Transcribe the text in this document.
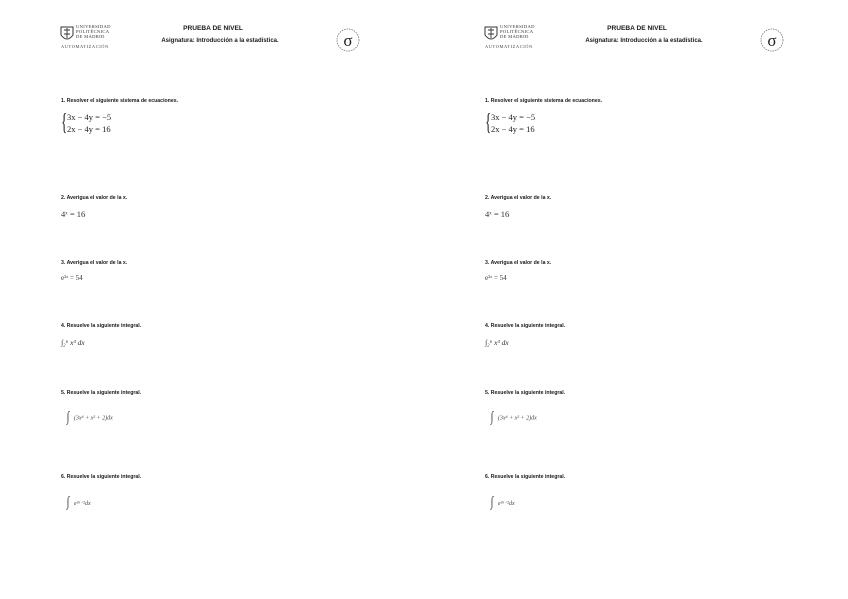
UNIVERSIDAD
POLITÉCNICA
DE MADRID
AUTOMATIZACIÓN
PRUEBA DE NIVEL
Asignatura: Introducción a la estadística.	σ
1. Resolver el siguiente sistema de ecuaciones.
{ 3x − 4y = −5
2x − 4y = 16
2. Averigua el valor de la x.
4ˣ = 16
3. Averigua el valor de la x.
e²ˣ = 54
4. Resuelve la siguiente integral.
∫₂⁶ x³ dx
5. Resuelve la siguiente integral.
∫ (3x⁴ + x² + 2)dx
6. Resuelve la siguiente integral.
∫ e³ˣ⁻²dx
UNIVERSIDAD
POLITÉCNICA
DE MADRID
AUTOMATIZACIÓN
PRUEBA DE NIVEL
Asignatura: Introducción a la estadística.	σ
1. Resolver el siguiente sistema de ecuaciones.
{ 3x − 4y = −5
2x − 4y = 16
2. Averigua el valor de la x.
4ˣ = 16
3. Averigua el valor de la x.
e²ˣ = 54
4. Resuelve la siguiente integral.
∫₂⁶ x³ dx
5. Resuelve la siguiente integral.
∫ (3x⁴ + x² + 2)dx
6. Resuelve la siguiente integral.
∫ e³ˣ⁻²dx
